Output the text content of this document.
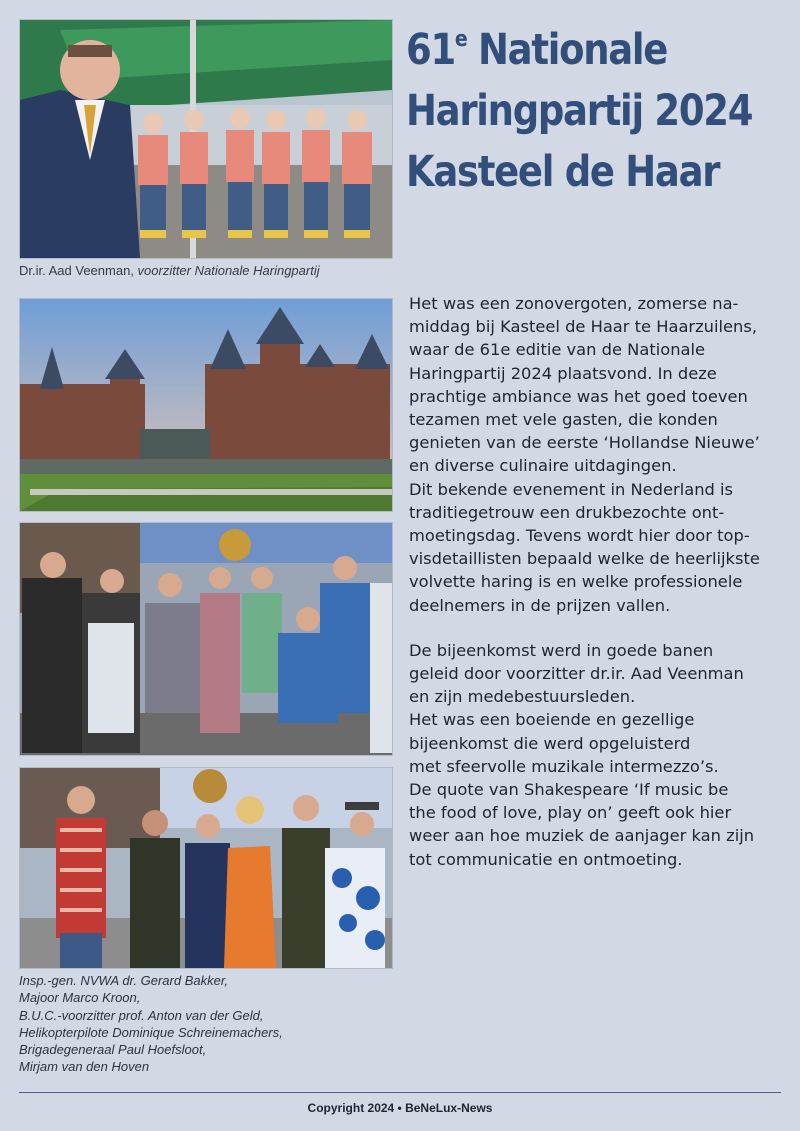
Dr.ir. Aad Veenman, voorzitter Nationale Haringpartij
Insp.-gen. NVWA dr. Gerard Bakker,
Majoor Marco Kroon,
B.U.C.-voorzitter prof. Anton van der Geld,
Helikopterpilote Dominique Schreinemachers,
Brigadegeneraal Paul Hoefsloot,
Mirjam van den Hoven
61e Nationale
Haringpartij 2024
Kasteel de Haar
Het was een zonovergoten, zomerse na-
middag bij Kasteel de Haar te Haarzuilens,
waar de 61e editie van de Nationale
Haringpartij 2024 plaatsvond. In deze
prachtige ambiance was het goed toeven
tezamen met vele gasten, die konden
genieten van de eerste ‘Hollandse Nieuwe’
en diverse culinaire uitdagingen.
Dit bekende evenement in Nederland is
traditiegetrouw een drukbezochte ont-
moetingsdag. Tevens wordt hier door top-
visdetaillisten bepaald welke de heerlijkste
volvette haring is en welke professionele
deelnemers in de prijzen vallen.
De bijeenkomst werd in goede banen
geleid door voorzitter dr.ir. Aad Veenman
en zijn medebestuursleden.
Het was een boeiende en gezellige
bijeenkomst die werd opgeluisterd
met sfeervolle muzikale intermezzo’s.
De quote van Shakespeare ‘If music be
the food of love, play on’ geeft ook hier
weer aan hoe muziek de aanjager kan zijn
tot communicatie en ontmoeting.
Copyright 2024 • BeNeLux-News
